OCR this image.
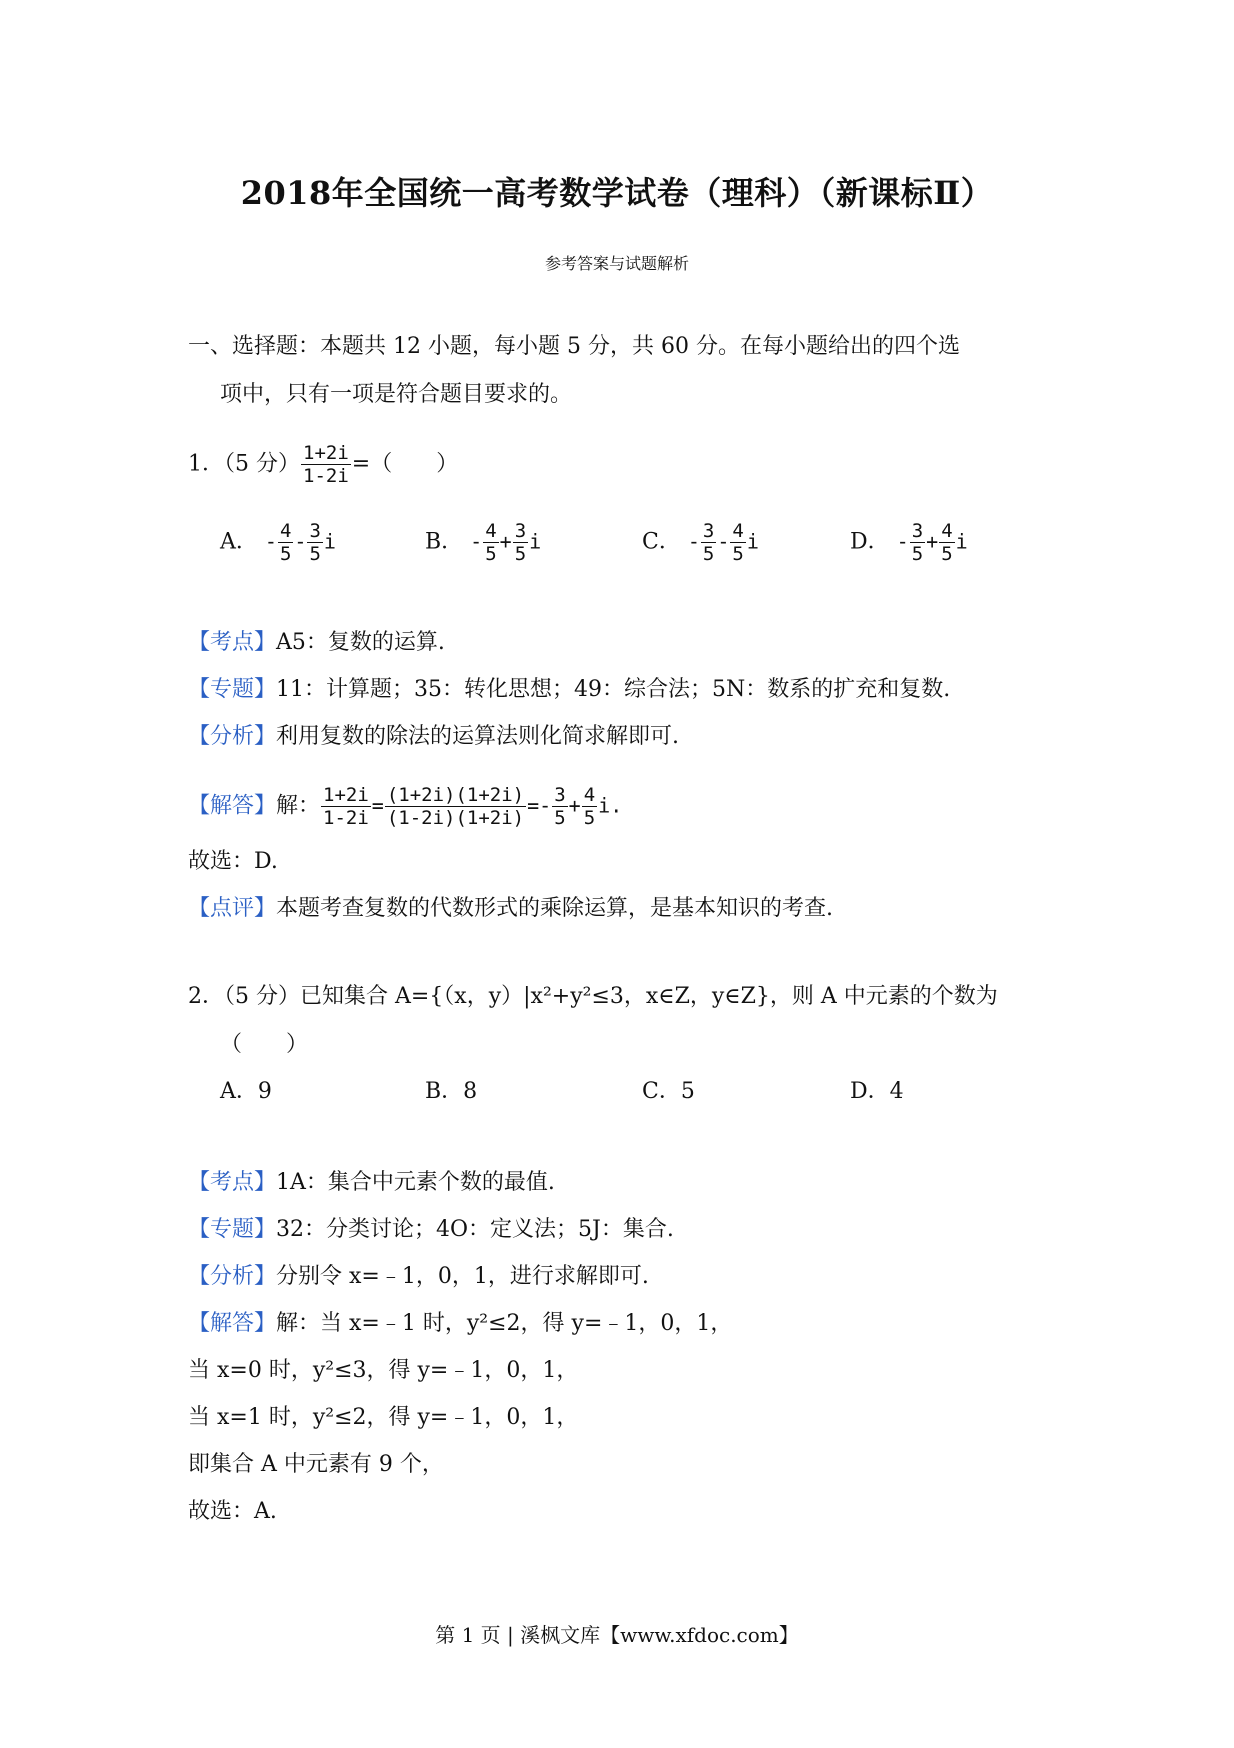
2018年全国统一高考数学试卷（理科）（新课标Ⅱ）
参考答案与试题解析
一、选择题：本题共 12 小题，每小题 5 分，共 60 分。在每小题给出的四个选
项中，只有一项是符合题目要求的。
1．（5 分） $\frac{1+2i}{1-2i}$ =（　　）
A． - $\frac{4}{5} - \frac{3}{5}$ i	B． - $\frac{4}{5} + \frac{3}{5}$ i	C． - $\frac{3}{5} - \frac{4}{5}$ i	D． - $\frac{3}{5} + \frac{4}{5}$ i
【考点】A5：复数的运算.
【专题】11：计算题；35：转化思想；49：综合法；5N：数系的扩充和复数.
【分析】利用复数的除法的运算法则化简求解即可.
【解答】解： $\frac{1+2i}{1-2i} = \frac{(1+2i)(1+2i)}{(1-2i)(1+2i)} =- \frac{3}{5} + \frac{4}{5} i$.
故选：D.
【点评】本题考查复数的代数形式的乘除运算，是基本知识的考查.
2．（5 分）已知集合 A={（x，y）|x²+y²≤3，x∈Z，y∈Z}，则 A 中元素的个数为
（　　）
A．9	B．8	C．5	D．4
【考点】1A：集合中元素个数的最值.
【专题】32：分类讨论；4O：定义法；5J：集合.
【分析】分别令 x=﹣1，0，1，进行求解即可.
【解答】解：当 x=﹣1 时，y²≤2，得 y=﹣1，0，1，
当 x=0 时，y²≤3，得 y=﹣1，0，1，
当 x=1 时，y²≤2，得 y=﹣1，0，1，
即集合 A 中元素有 9 个，
故选：A.
第 1 页 | 溪枫文库【www.xfdoc.com】
